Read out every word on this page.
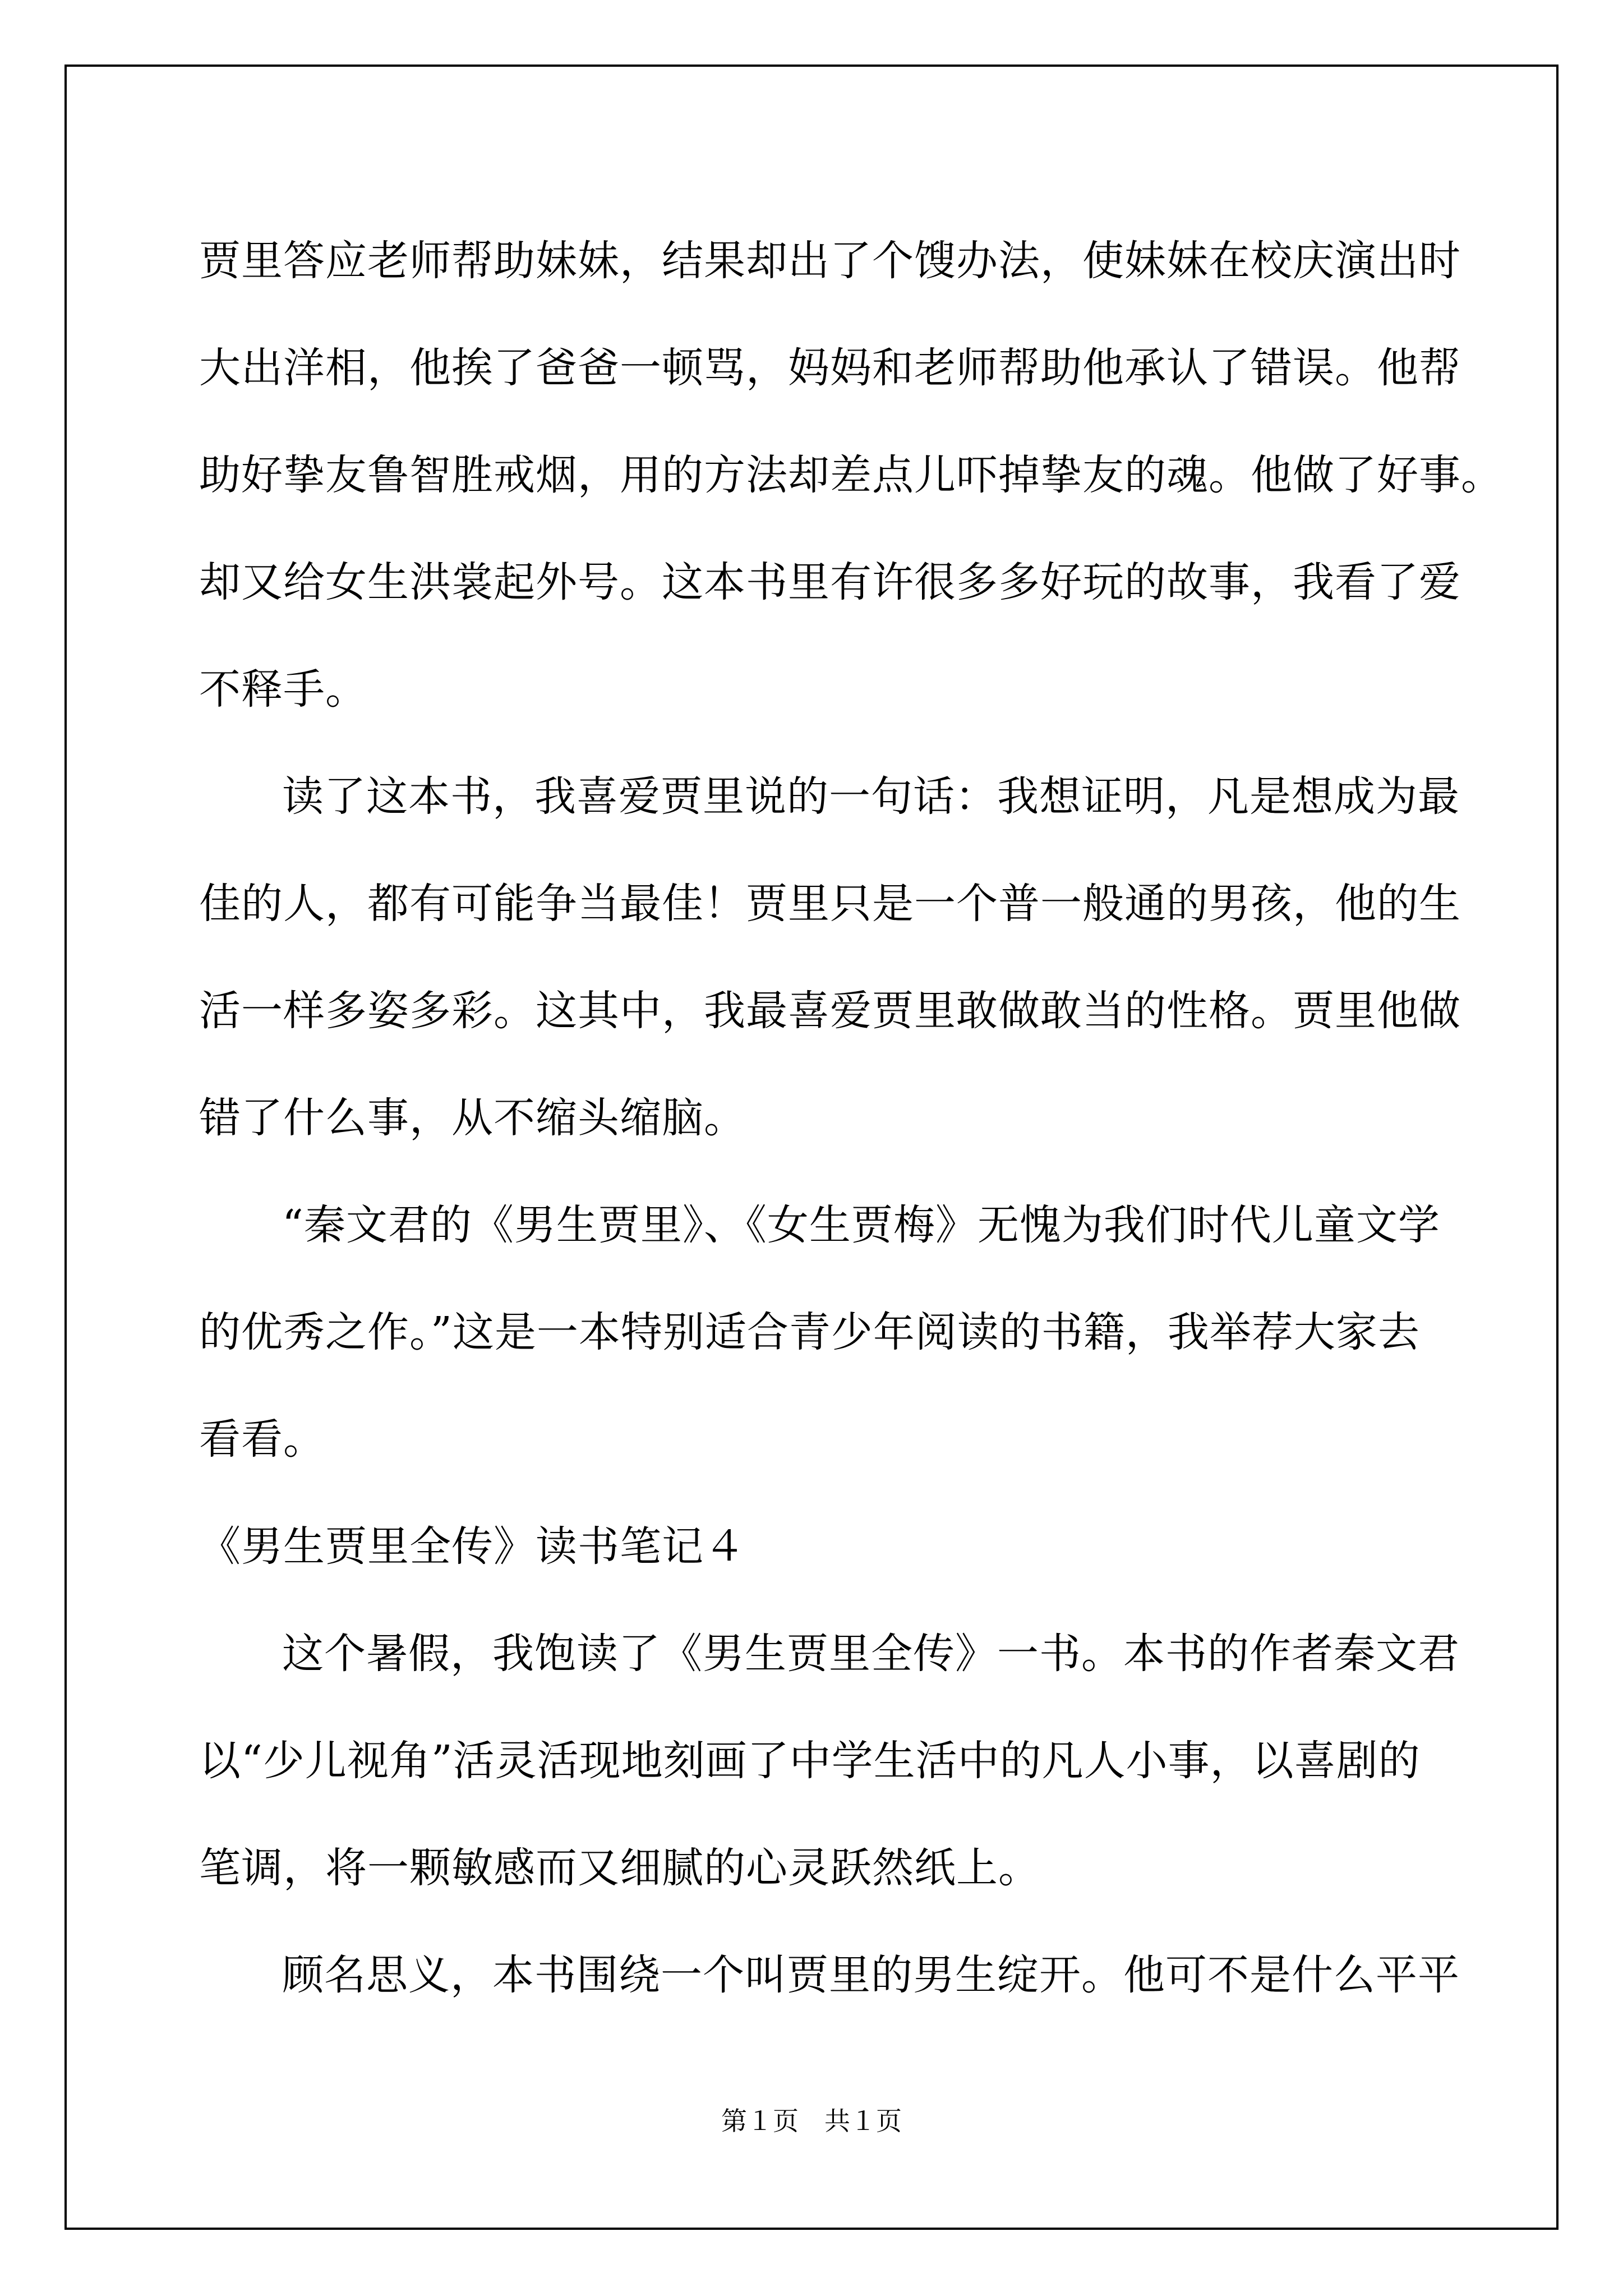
贾里答应老师帮助妹妹，结果却出了个馊办法，使妹妹在校庆演出时
大出洋相，他挨了爸爸一顿骂，妈妈和老师帮助他承认了错误。他帮
助好挚友鲁智胜戒烟，用的方法却差点儿吓掉挚友的魂。他做了好事。
却又给女生洪裳起外号。这本书里有许很多多好玩的故事，我看了爱
不释手。
读了这本书，我喜爱贾里说的一句话：我想证明，凡是想成为最
佳的人，都有可能争当最佳！贾里只是一个普一般通的男孩，他的生
活一样多姿多彩。这其中，我最喜爱贾里敢做敢当的性格。贾里他做
错了什么事，从不缩头缩脑。
“秦文君的《男生贾里》、《女生贾梅》无愧为我们时代儿童文学
的优秀之作。”这是一本特别适合青少年阅读的书籍，我举荐大家去
看看。
《男生贾里全传》读书笔记４
这个暑假，我饱读了《男生贾里全传》一书。本书的作者秦文君
以“少儿视角”活灵活现地刻画了中学生活中的凡人小事，以喜剧的
笔调，将一颗敏感而又细腻的心灵跃然纸上。
顾名思义，本书围绕一个叫贾里的男生绽开。他可不是什么平平
第１页　共１页
